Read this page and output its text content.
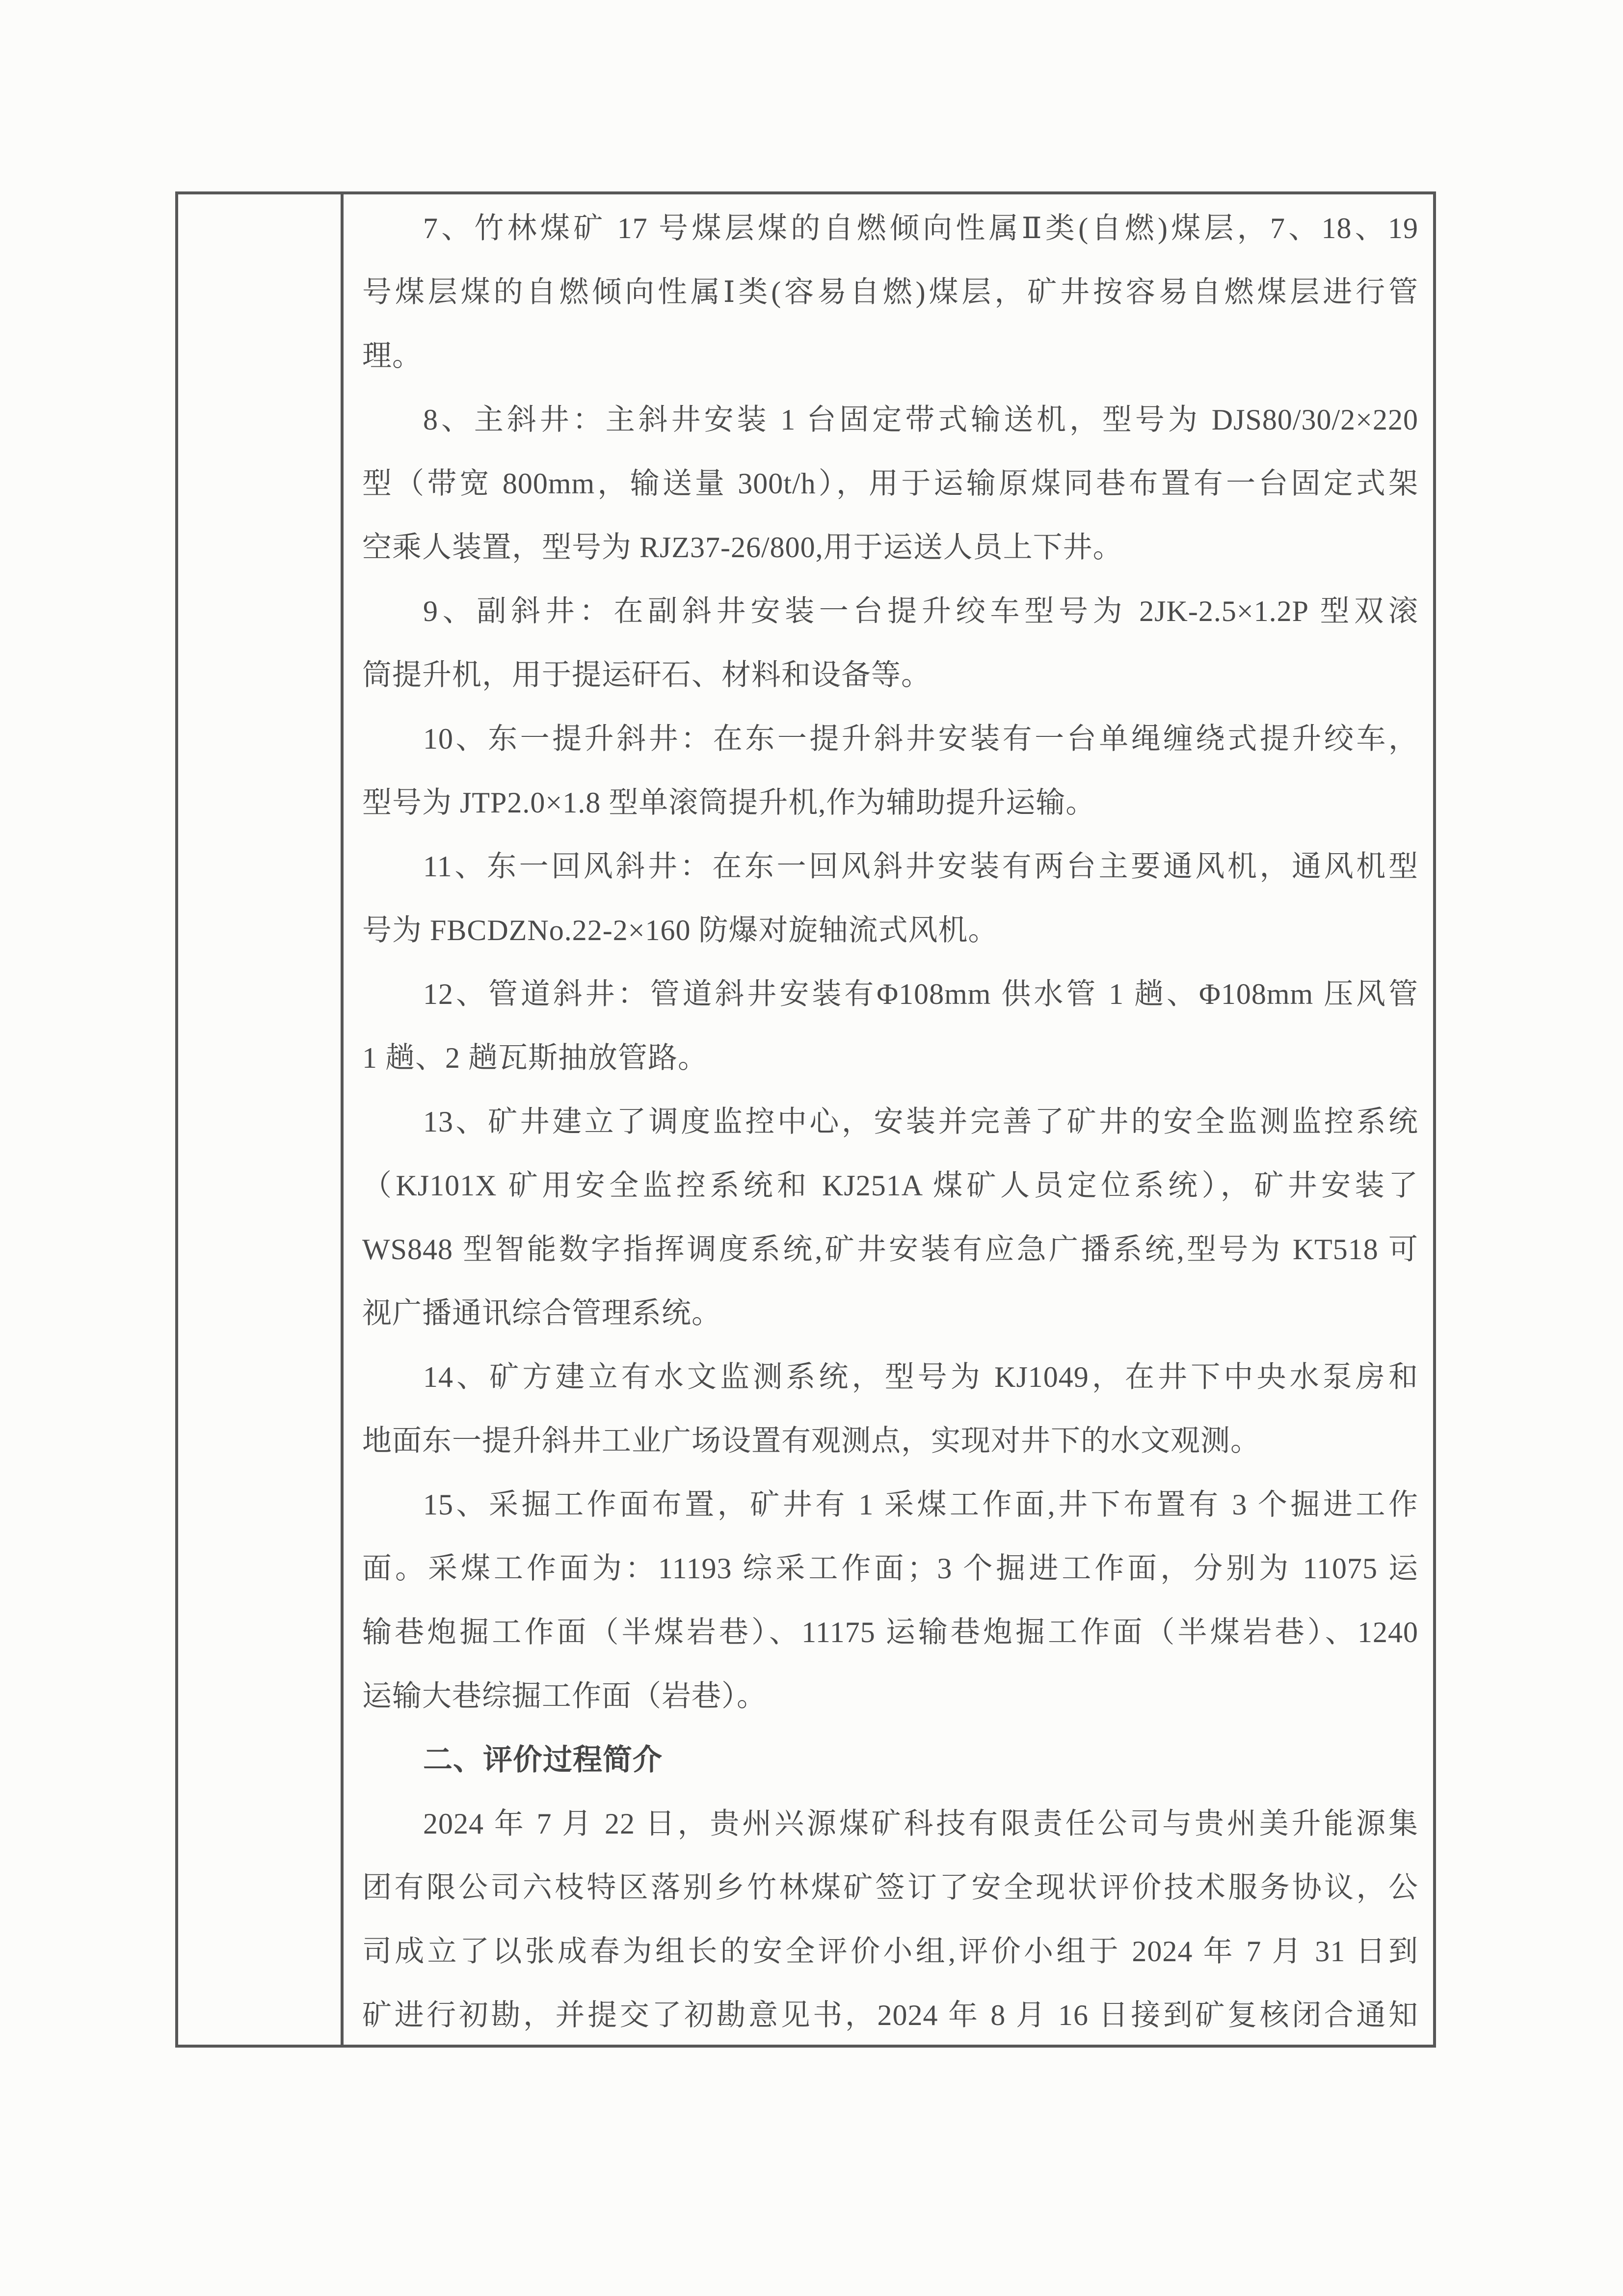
7、竹林煤矿 17 号煤层煤的自燃倾向性属Ⅱ类(自燃)煤层，7、18、19
号煤层煤的自燃倾向性属Ⅰ类(容易自燃)煤层，矿井按容易自燃煤层进行管
理。
8、主斜井：主斜井安装 1 台固定带式输送机，型号为 DJS80/30/2×220
型（带宽 800mm，输送量 300t/h），用于运输原煤同巷布置有一台固定式架
空乘人装置，型号为 RJZ37-26/800,用于运送人员上下井。
9、副斜井：在副斜井安装一台提升绞车型号为 2JK-2.5×1.2P 型双滚
筒提升机，用于提运矸石、材料和设备等。
10、东一提升斜井：在东一提升斜井安装有一台单绳缠绕式提升绞车，
型号为 JTP2.0×1.8 型单滚筒提升机,作为辅助提升运输。
11、东一回风斜井：在东一回风斜井安装有两台主要通风机，通风机型
号为 FBCDZNo.22-2×160 防爆对旋轴流式风机。
12、管道斜井：管道斜井安装有Φ108mm 供水管 1 趟、Φ108mm 压风管
1 趟、2 趟瓦斯抽放管路。
13、矿井建立了调度监控中心，安装并完善了矿井的安全监测监控系统
（KJ101X 矿用安全监控系统和 KJ251A 煤矿人员定位系统），矿井安装了
WS848 型智能数字指挥调度系统,矿井安装有应急广播系统,型号为 KT518 可
视广播通讯综合管理系统。
14、矿方建立有水文监测系统，型号为 KJ1049，在井下中央水泵房和
地面东一提升斜井工业广场设置有观测点，实现对井下的水文观测。
15、采掘工作面布置，矿井有 1 采煤工作面,井下布置有 3 个掘进工作
面。采煤工作面为：11193 综采工作面；3 个掘进工作面，分别为 11075 运
输巷炮掘工作面（半煤岩巷）、11175 运输巷炮掘工作面（半煤岩巷）、1240
运输大巷综掘工作面（岩巷）。
二、评价过程简介
2024 年 7 月 22 日，贵州兴源煤矿科技有限责任公司与贵州美升能源集
团有限公司六枝特区落别乡竹林煤矿签订了安全现状评价技术服务协议，公
司成立了以张成春为组长的安全评价小组,评价小组于 2024 年 7 月 31 日到
矿进行初勘，并提交了初勘意见书，2024 年 8 月 16 日接到矿复核闭合通知
